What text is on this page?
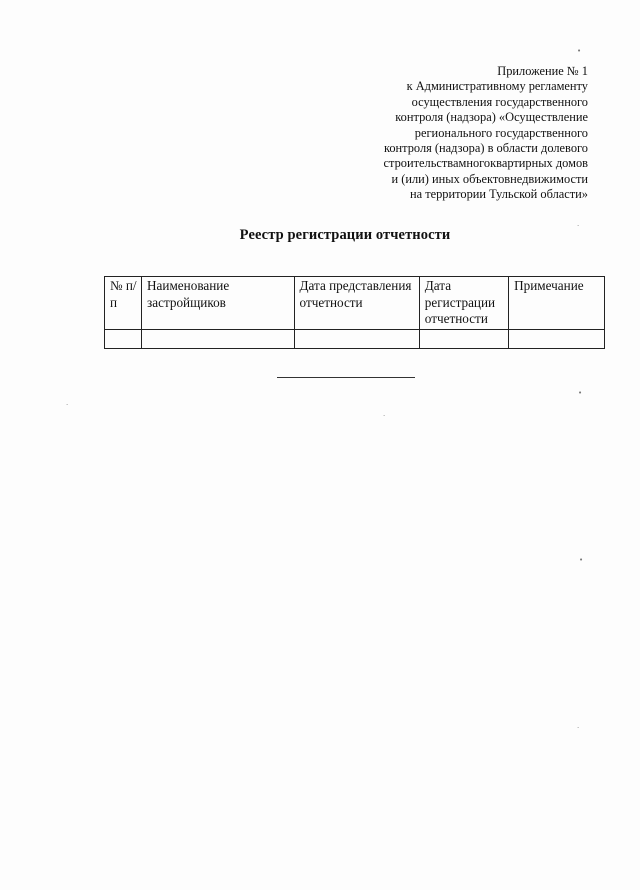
Приложение № 1
к Административному регламенту
осуществления государственного
контроля (надзора) «Осуществление
регионального государственного
контроля (надзора) в области долевого
строительствамногоквартирных домов
и (или) иных объектовнедвижимости
на территории Тульской области»
Реестр регистрации отчетности
№ п/п	Наименование застройщиков	Дата представления отчетности	Дата регистрации отчетности	Примечание

•
·
•
•
·
·
·
